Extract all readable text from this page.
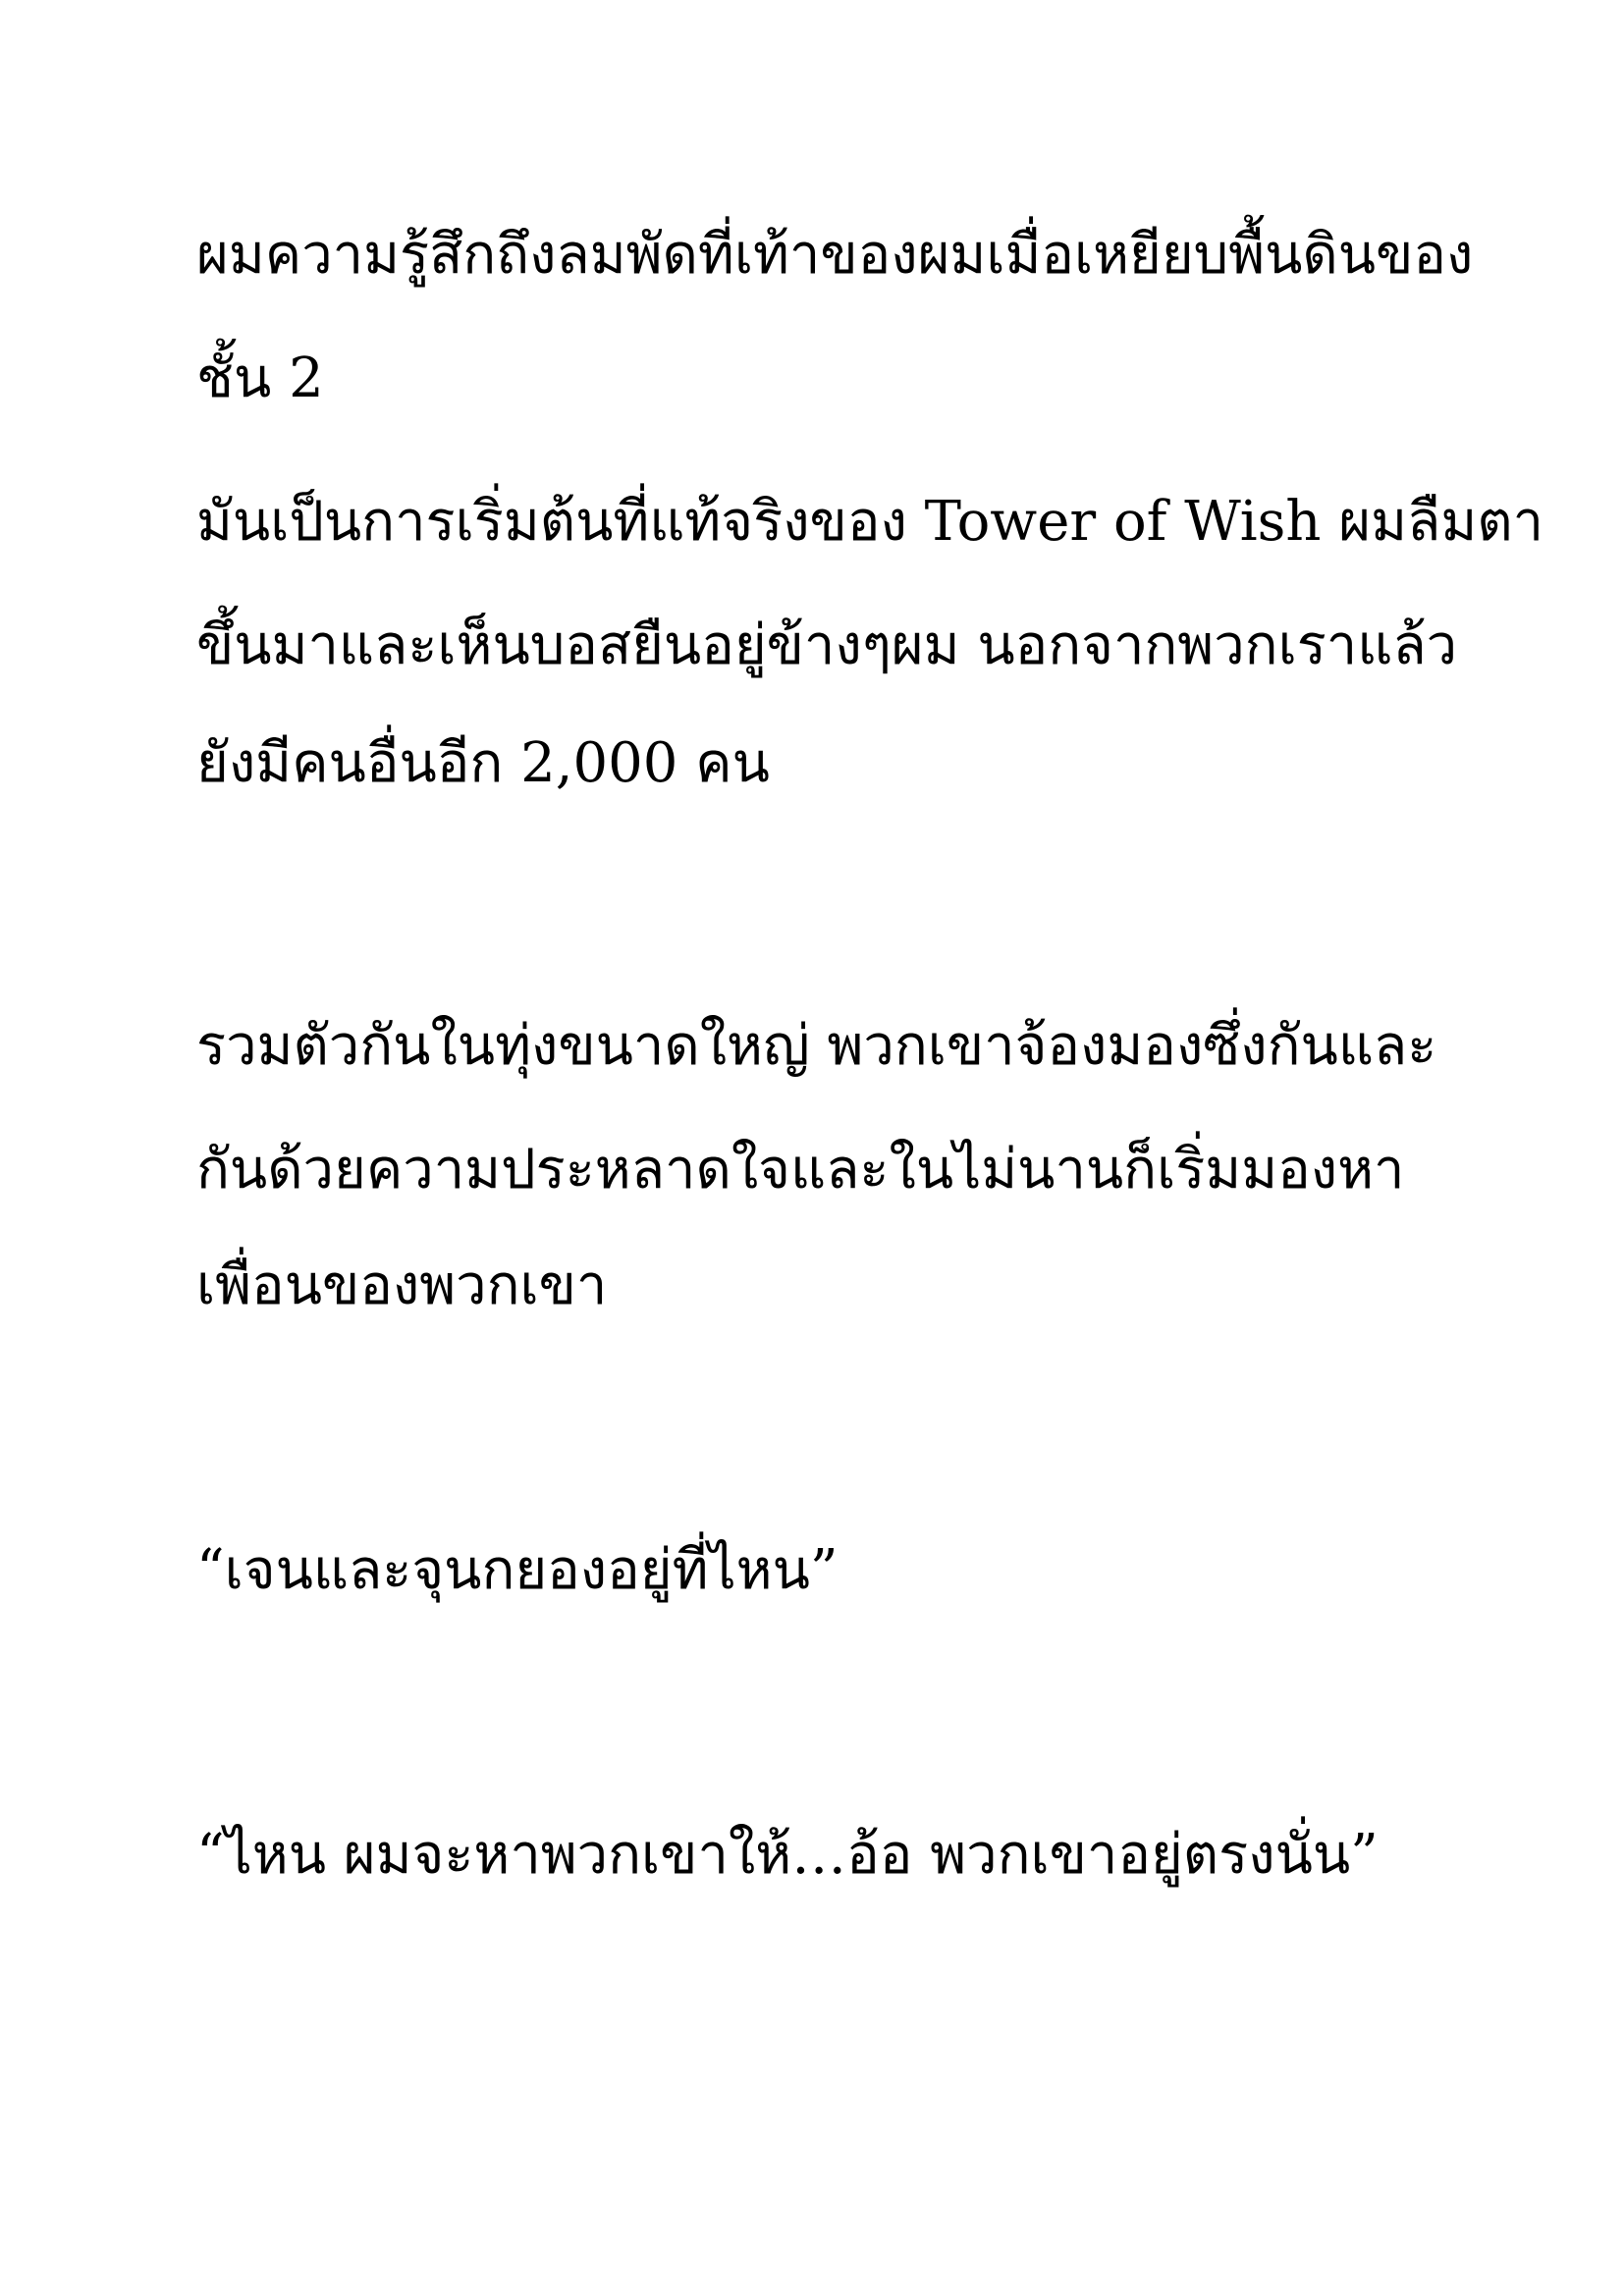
ผมความรู้สึกถึงลมพัดที่เท้าของผมเมื่อเหยียบพื้นดินของ

ชั้น 2

มันเป็นการเริ่มต้นที่แท้จริงของ Tower of Wish ผมลืมตา

ขึ้นมาและเห็นบอสยืนอยู่ข้างๆผม นอกจากพวกเราแล้ว

ยังมีคนอื่นอีก 2,000 คน

รวมตัวกันในทุ่งขนาดใหญ่ พวกเขาจ้องมองซึ่งกันและ

กันด้วยความประหลาดใจและในไม่นานก็เริ่มมองหา

เพื่อนของพวกเขา

“เจนและจุนกยองอยู่ที่ไหน”

“ไหน ผมจะหาพวกเขาให้…อ้อ พวกเขาอยู่ตรงนั่น”
